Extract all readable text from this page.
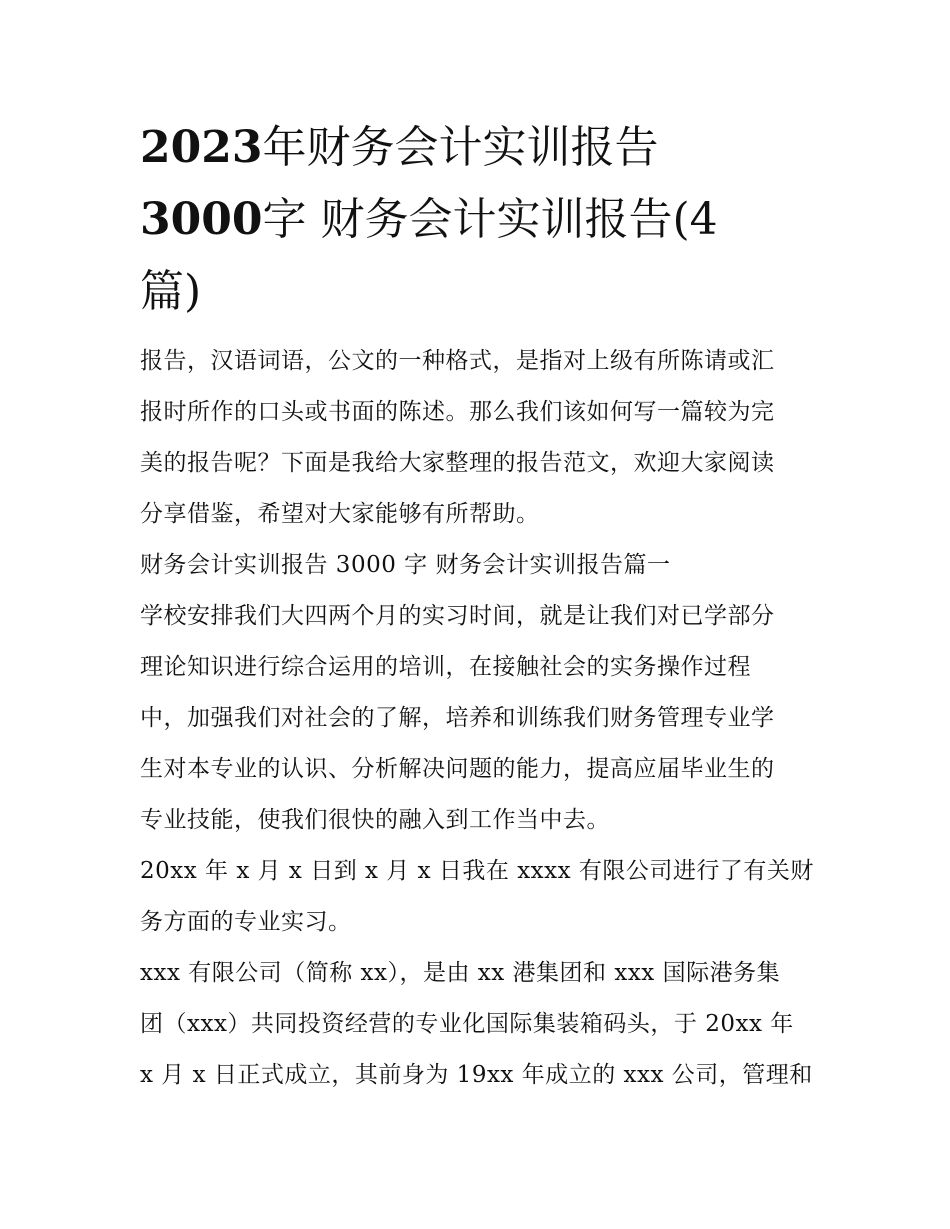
2023年财务会计实训报告
3000字 财务会计实训报告(4
篇)

报告，汉语词语，公文的一种格式，是指对上级有所陈请或汇

报时所作的口头或书面的陈述。那么我们该如何写一篇较为完

美的报告呢？下面是我给大家整理的报告范文，欢迎大家阅读

分享借鉴，希望对大家能够有所帮助。

财务会计实训报告 3000 字 财务会计实训报告篇一

学校安排我们大四两个月的实习时间，就是让我们对已学部分

理论知识进行综合运用的培训，在接触社会的实务操作过程

中，加强我们对社会的了解，培养和训练我们财务管理专业学

生对本专业的认识、分析解决问题的能力，提高应届毕业生的

专业技能，使我们很快的融入到工作当中去。

20xx 年 x 月 x 日到 x 月 x 日我在 xxxx 有限公司进行了有关财

务方面的专业实习。

xxx 有限公司（简称 xx），是由 xx 港集团和 xxx 国际港务集

团（xxx）共同投资经营的专业化国际集装箱码头，于 20xx 年

x 月 x 日正式成立，其前身为 19xx 年成立的 xxx 公司，管理和
